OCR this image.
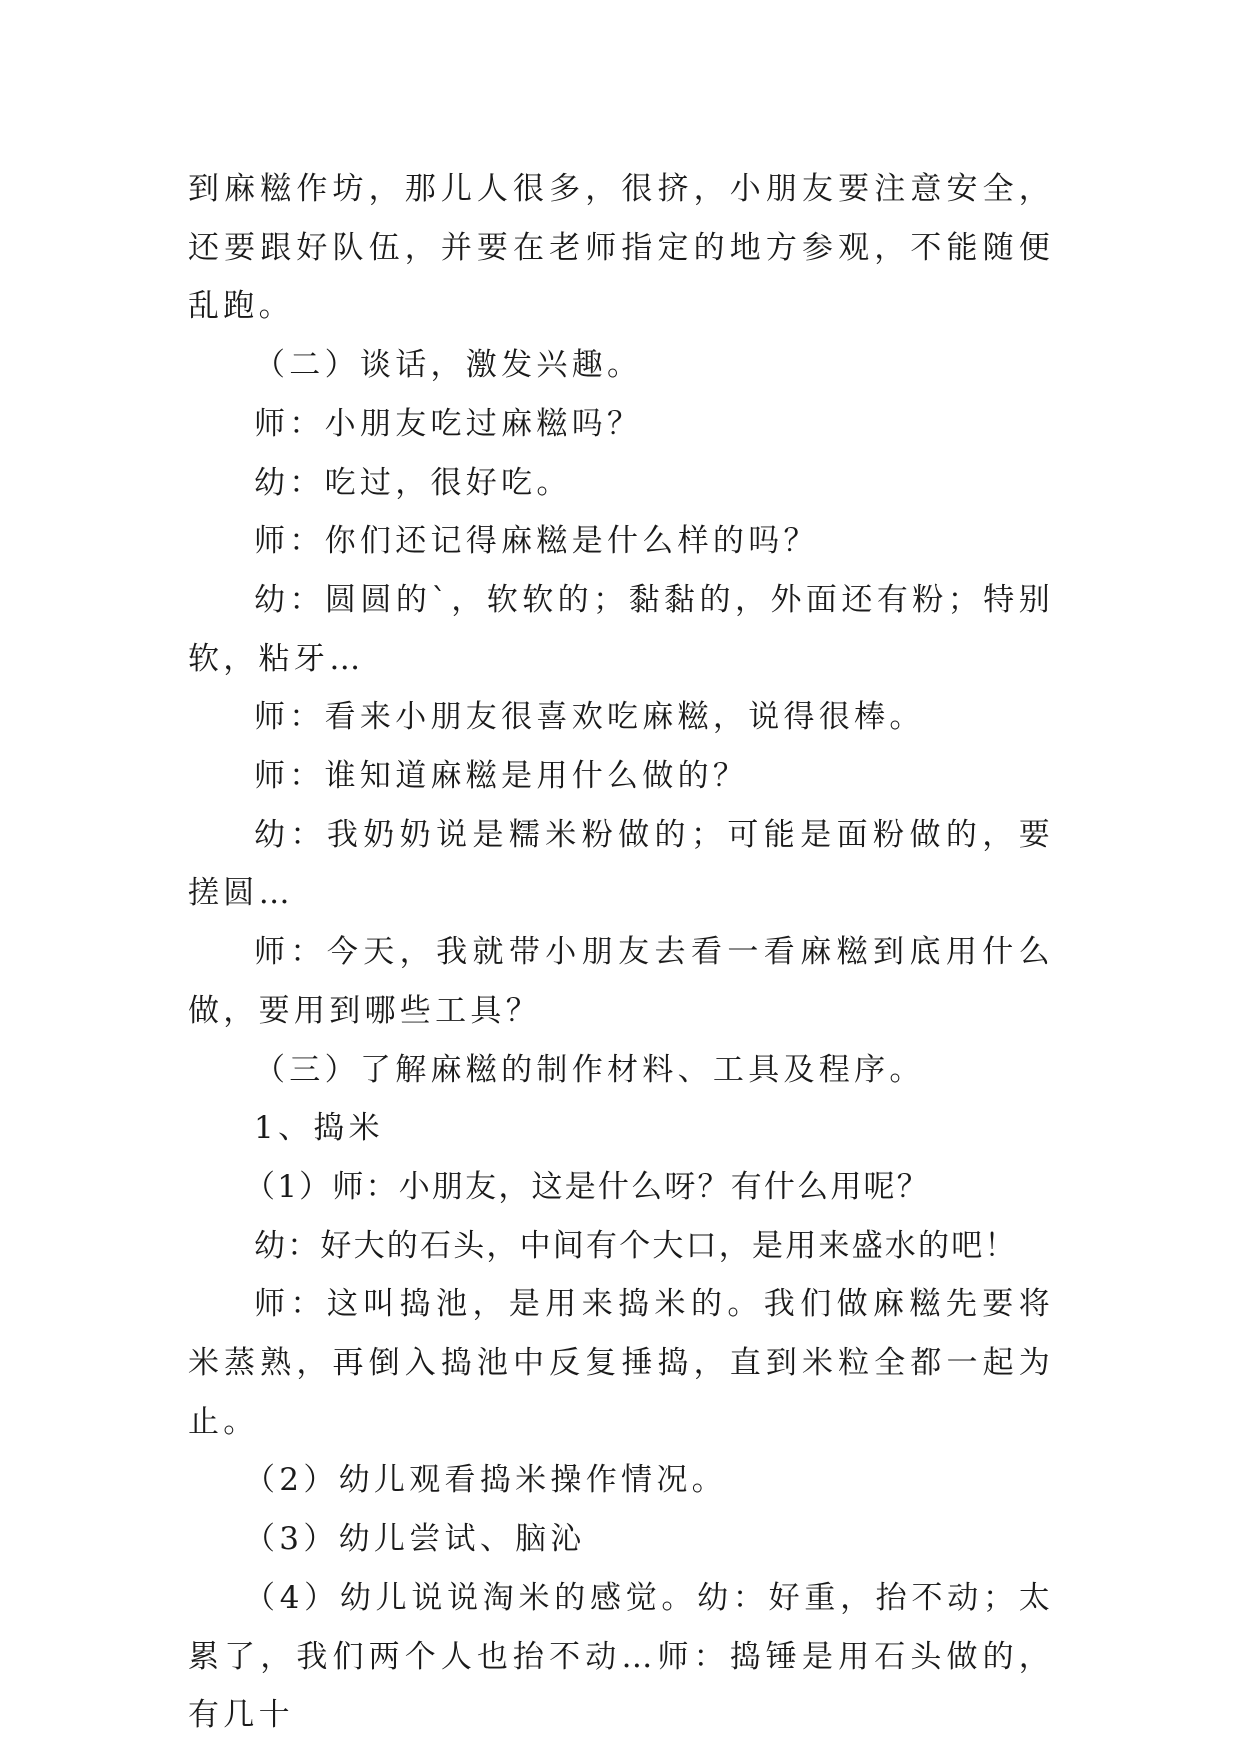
到麻糍作坊，那儿人很多，很挤，小朋友要注意安全，还要跟好队伍，并要在老师指定的地方参观，不能随便乱跑。

（二）谈话，激发兴趣。

师：小朋友吃过麻糍吗？

幼：吃过，很好吃。

师：你们还记得麻糍是什么样的吗？

幼：圆圆的`，软软的；黏黏的，外面还有粉；特别软，粘牙…

师：看来小朋友很喜欢吃麻糍，说得很棒。

师：谁知道麻糍是用什么做的？

幼：我奶奶说是糯米粉做的；可能是面粉做的，要搓圆…

师：今天，我就带小朋友去看一看麻糍到底用什么做，要用到哪些工具？

（三）了解麻糍的制作材料、工具及程序。

1、捣米

（1）师：小朋友，这是什么呀？有什么用呢？

幼：好大的石头，中间有个大口，是用来盛水的吧！

师：这叫捣池，是用来捣米的。我们做麻糍先要将米蒸熟，再倒入捣池中反复捶捣，直到米粒全都一起为止。

（2）幼儿观看捣米操作情况。

（3）幼儿尝试、脑沁

（4）幼儿说说淘米的感觉。幼：好重，抬不动；太累了，我们两个人也抬不动…师：捣锤是用石头做的，有几十
